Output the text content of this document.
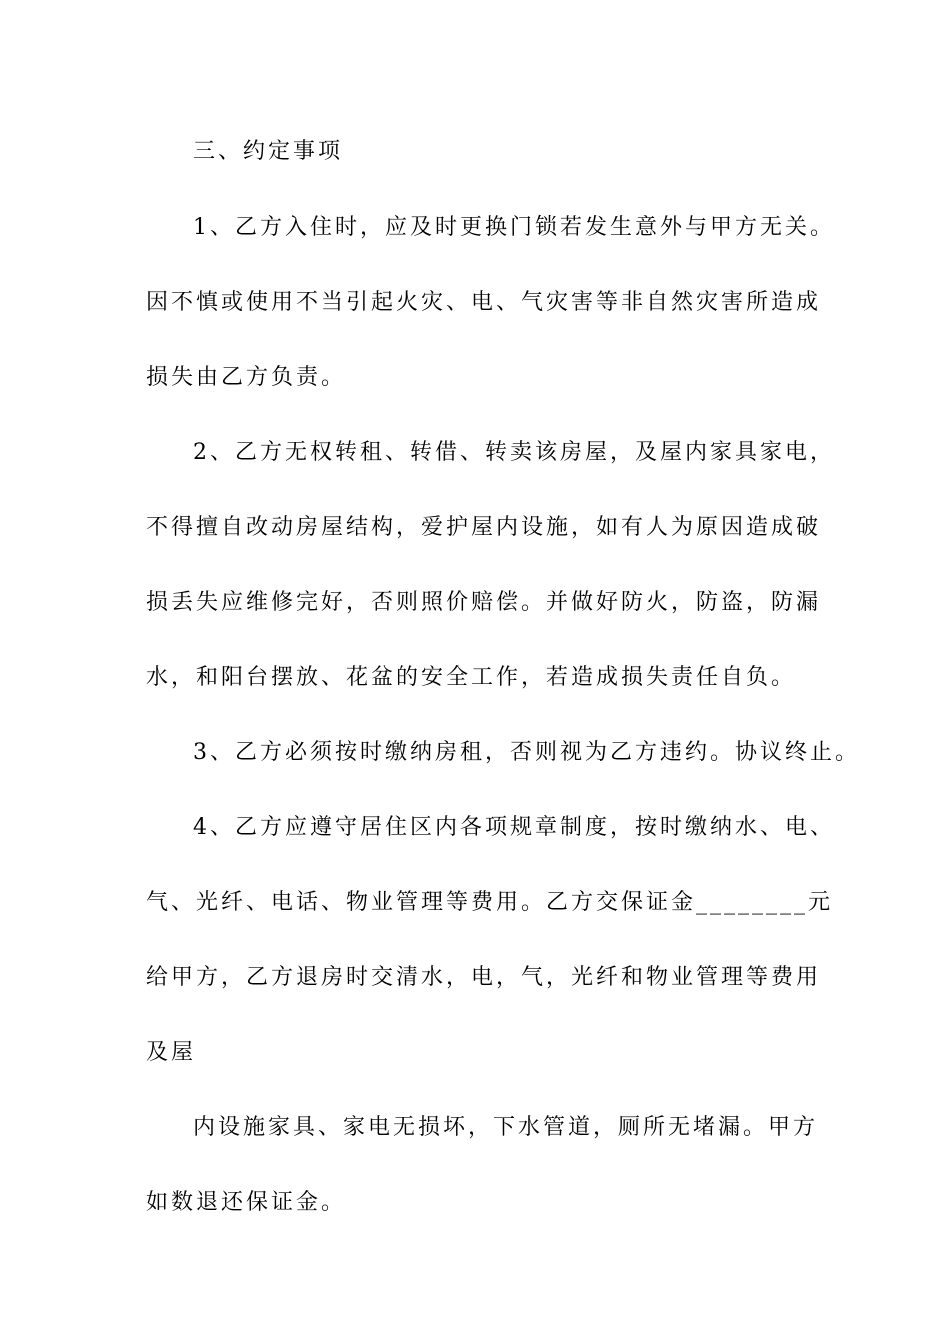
三、约定事项
1、乙方入住时，应及时更换门锁若发生意外与甲方无关。
因不慎或使用不当引起火灾、电、气灾害等非自然灾害所造成
损失由乙方负责。
2、乙方无权转租、转借、转卖该房屋，及屋内家具家电，
不得擅自改动房屋结构，爱护屋内设施，如有人为原因造成破
损丢失应维修完好，否则照价赔偿。并做好防火，防盗，防漏
水，和阳台摆放、花盆的安全工作，若造成损失责任自负。
3、乙方必须按时缴纳房租，否则视为乙方违约。协议终止。
4、乙方应遵守居住区内各项规章制度，按时缴纳水、电、
气、光纤、电话、物业管理等费用。乙方交保证金________元
给甲方，乙方退房时交清水，电，气，光纤和物业管理等费用
及屋
内设施家具、家电无损坏，下水管道，厕所无堵漏。甲方
如数退还保证金。
